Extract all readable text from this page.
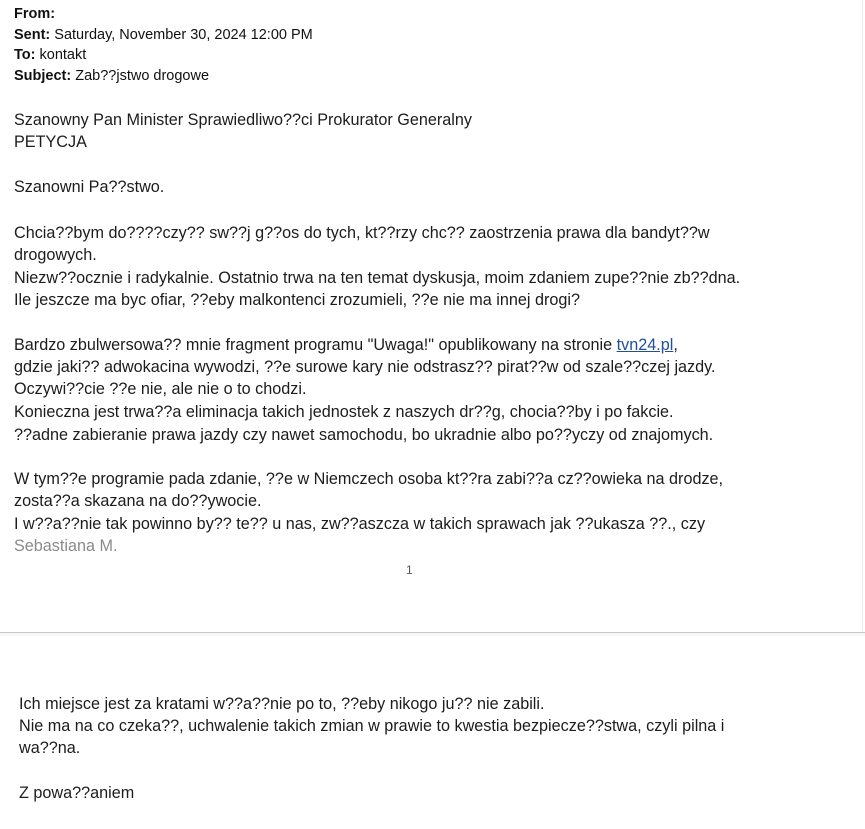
From:
Sent: Saturday, November 30, 2024 12:00 PM
To: kontakt
Subject: Zab??jstwo drogowe
Szanowny Pan Minister Sprawiedliwo??ci Prokurator Generalny
PETYCJA
Szanowni Pa??stwo.
Chcia??bym do????czy?? sw??j g??os do tych, kt??rzy chc?? zaostrzenia prawa dla bandyt??w
drogowych.
Niezw??ocznie i radykalnie. Ostatnio trwa na ten temat dyskusja, moim zdaniem zupe??nie zb??dna.
Ile jeszcze ma byc ofiar, ??eby malkontenci zrozumieli, ??e nie ma innej drogi?
Bardzo zbulwersowa?? mnie fragment programu "Uwaga!" opublikowany na stronie tvn24.pl,
gdzie jaki?? adwokacina wywodzi, ??e surowe kary nie odstrasz?? pirat??w od szale??czej jazdy.
Oczywi??cie ??e nie, ale nie o to chodzi.
Konieczna jest trwa??a eliminacja takich jednostek z naszych dr??g, chocia??by i po fakcie.
??adne zabieranie prawa jazdy czy nawet samochodu, bo ukradnie albo po??yczy od znajomych.
W tym??e programie pada zdanie, ??e w Niemczech osoba kt??ra zabi??a cz??owieka na drodze,
zosta??a skazana na do??ywocie.
I w??a??nie tak powinno by?? te?? u nas, zw??aszcza w takich sprawach jak ??ukasza ??., czy
Sebastiana M.
1
Ich miejsce jest za kratami w??a??nie po to, ??eby nikogo ju?? nie zabili.
Nie ma na co czeka??, uchwalenie takich zmian w prawie to kwestia bezpiecze??stwa, czyli pilna i
wa??na.
Z powa??aniem
